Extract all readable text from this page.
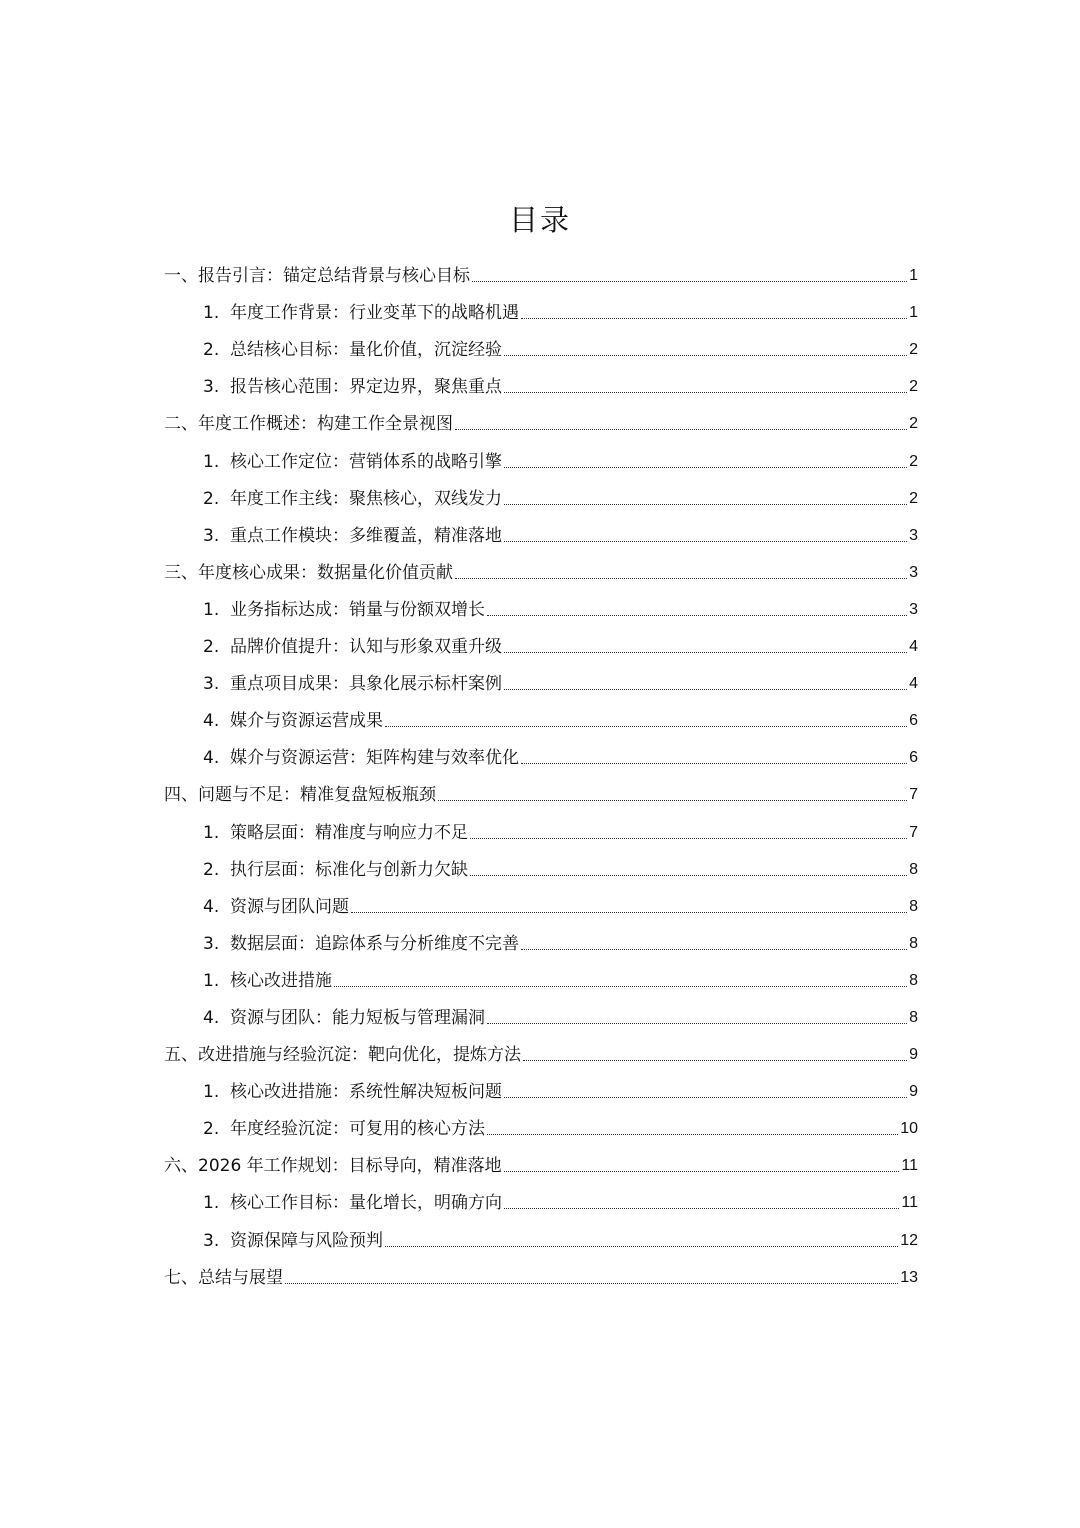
目录
一、 报告引言：锚定总结背景与核心目标	1
1. 年度工作背景：行业变革下的战略机遇	1
2. 总结核心目标：量化价值，沉淀经验	2
3. 报告核心范围：界定边界，聚焦重点	2
二、 年度工作概述：构建工作全景视图	2
1. 核心工作定位：营销体系的战略引擎	2
2. 年度工作主线：聚焦核心，双线发力	2
3. 重点工作模块：多维覆盖，精准落地	3
三、 年度核心成果：数据量化价值贡献	3
1. 业务指标达成：销量与份额双增长	3
2. 品牌价值提升：认知与形象双重升级	4
3. 重点项目成果：具象化展示标杆案例	4
4. 媒介与资源运营成果	6
4. 媒介与资源运营：矩阵构建与效率优化	6
四、 问题与不足：精准复盘短板瓶颈	7
1. 策略层面：精准度与响应力不足	7
2. 执行层面：标准化与创新力欠缺	8
4. 资源与团队问题	8
3. 数据层面：追踪体系与分析维度不完善	8
1. 核心改进措施	8
4. 资源与团队：能力短板与管理漏洞	8
五、 改进措施与经验沉淀：靶向优化，提炼方法	9
1. 核心改进措施：系统性解决短板问题	9
2. 年度经验沉淀：可复用的核心方法	10
六、 2026 年工作规划：目标导向，精准落地	11
1. 核心工作目标：量化增长，明确方向	11
3. 资源保障与风险预判	12
七、 总结与展望	13
